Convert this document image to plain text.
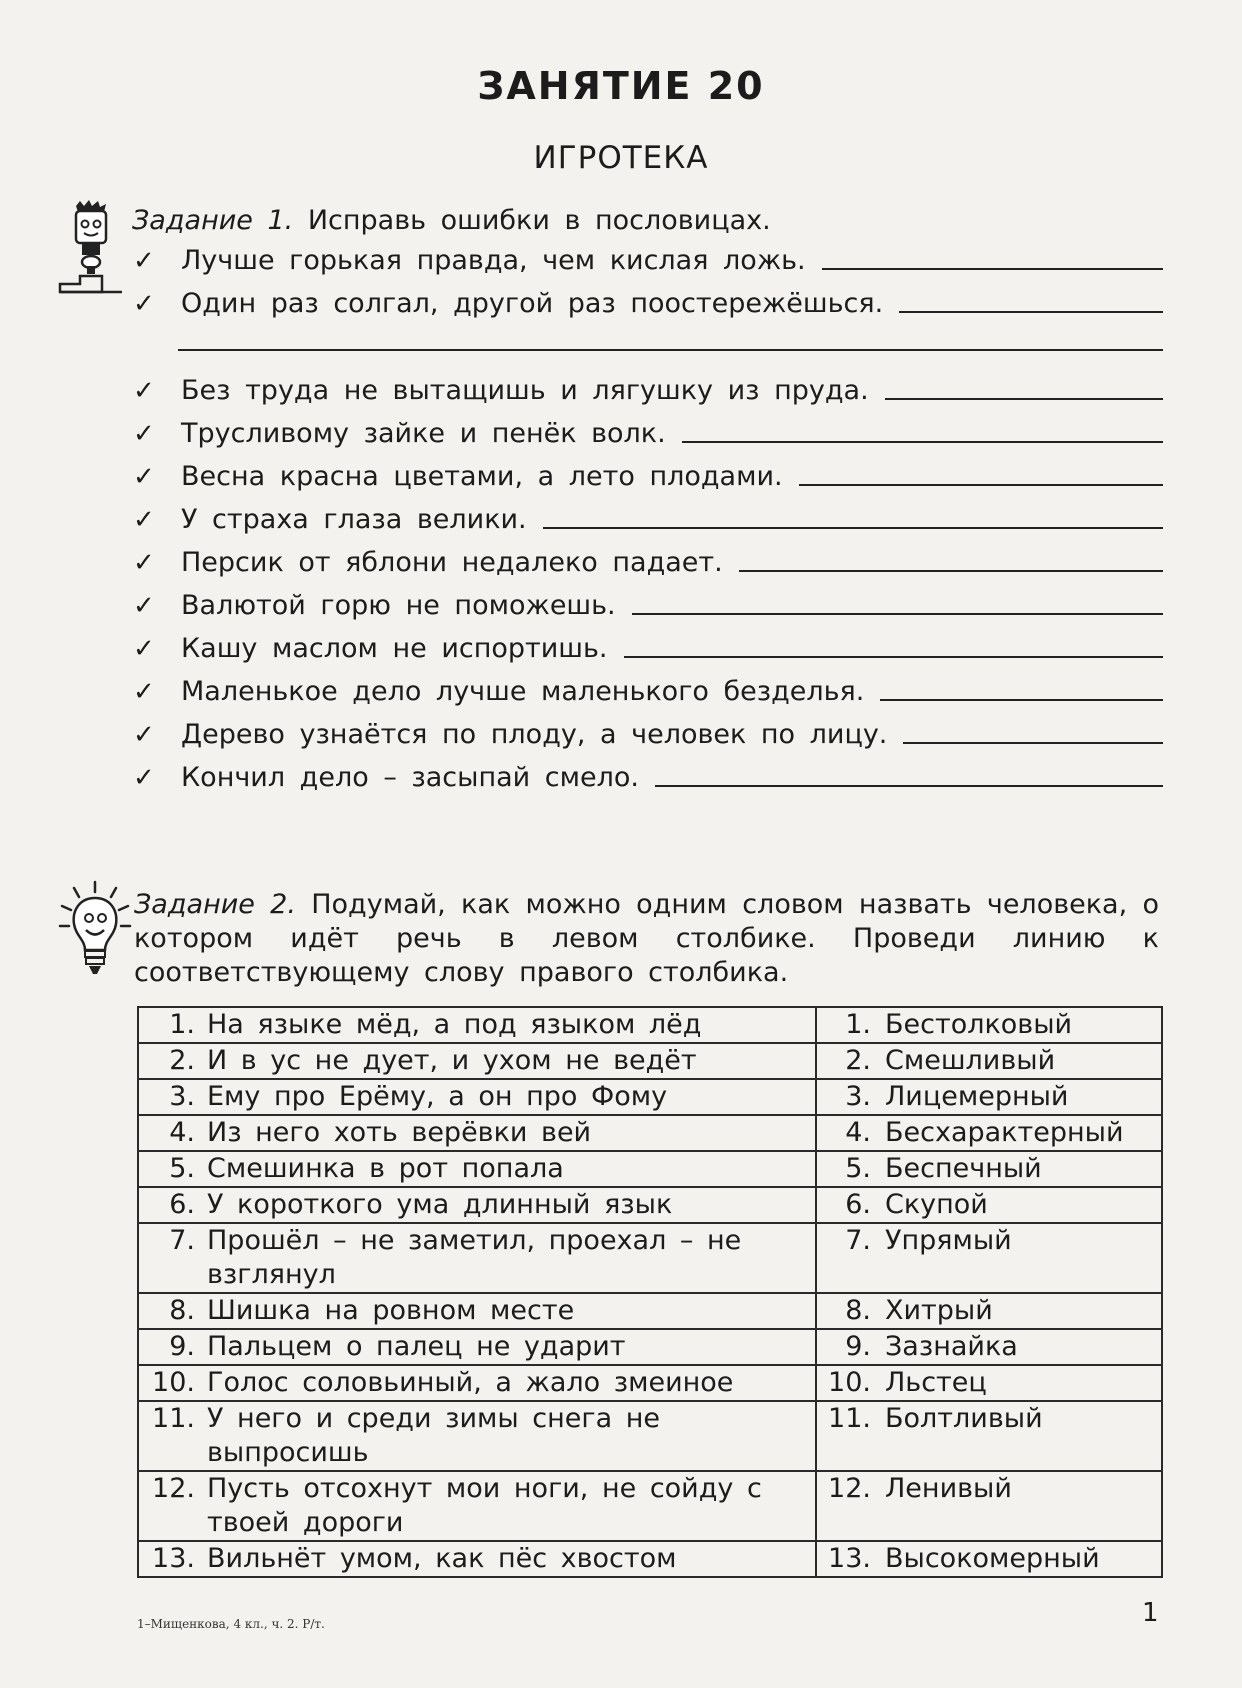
ЗАНЯТИЕ 20
ИГРОТЕКА
Задание 1. Исправь ошибки в пословицах.
✓ Лучше горькая правда, чем кислая ложь.
✓ Один раз солгал, другой раз поостережёшься.
✓ Без труда не вытащишь и лягушку из пруда.
✓ Трусливому зайке и пенёк волк.
✓ Весна красна цветами, а лето плодами.
✓ У страха глаза велики.
✓ Персик от яблони недалеко падает.
✓ Валютой горю не поможешь.
✓ Кашу маслом не испортишь.
✓ Маленькое дело лучше маленького безделья.
✓ Дерево узнаётся по плоду, а человек по лицу.
✓ Кончил дело – засыпай смело.
Задание 2. Подумай, как можно одним словом назвать человека, о котором идёт речь в левом столбике. Проведи линию к соответствующему слову правого столбика.
1. На языке мёд, а под языком лёд	1. Бестолковый
2. И в ус не дует, и ухом не ведёт	2. Смешливый
3. Ему про Ерёму, а он про Фому	3. Лицемерный
4. Из него хоть верёвки вей	4. Бесхарактерный
5. Смешинка в рот попала	5. Беспечный
6. У короткого ума длинный язык	6. Скупой
7. Прошёл – не заметил, проехал – не взглянул	7. Упрямый
8. Шишка на ровном месте	8. Хитрый
9. Пальцем о палец не ударит	9. Зазнайка
10. Голос соловьиный, а жало змеиное	10. Льстец
11. У него и среди зимы снега не выпросишь	11. Болтливый
12. Пусть отсохнут мои ноги, не сойду с твоей дороги	12. Ленивый
13. Вильнёт умом, как пёс хвостом	13. Высокомерный
1–Мищенкова, 4 кл., ч. 2. Р/т.	1
